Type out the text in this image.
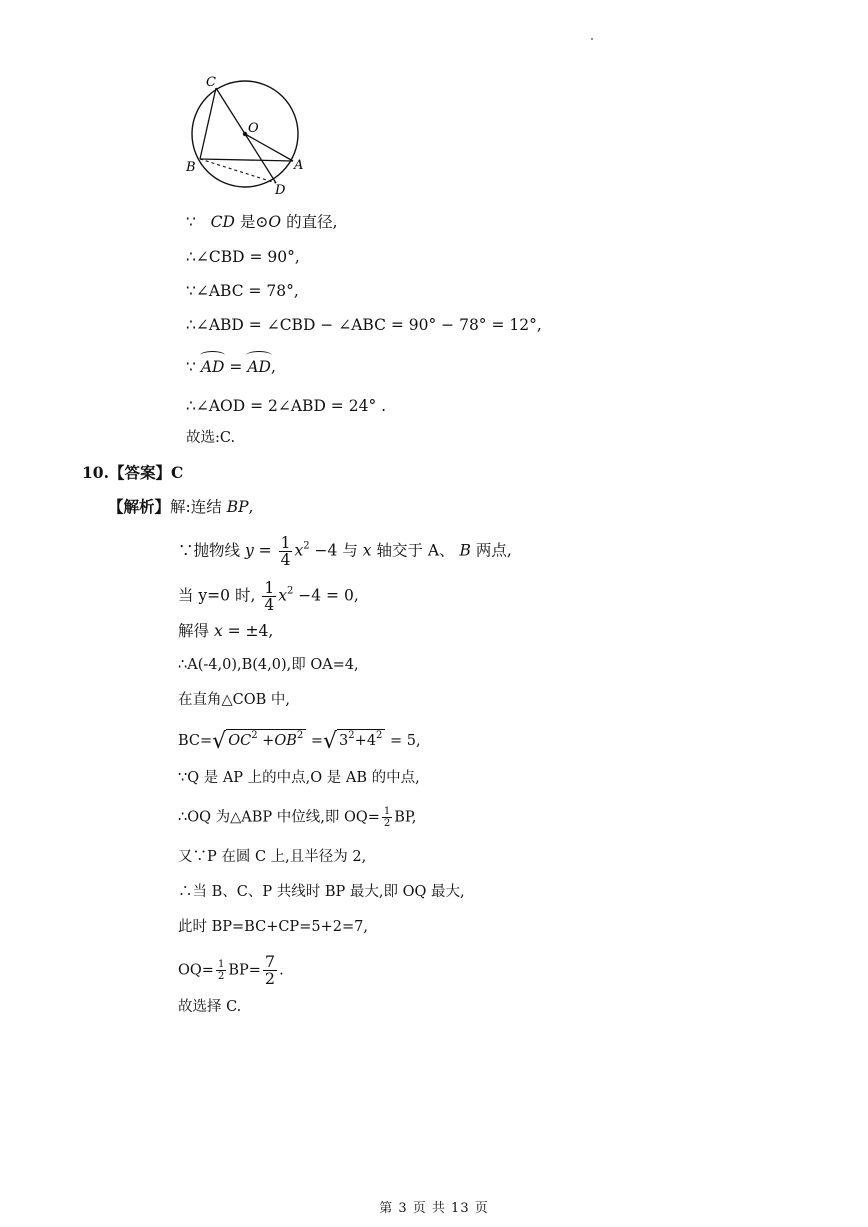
C
O
B	A
D
∵ CD 是⊙O 的直径,
∴∠CBD = 90°,
∵∠ABC = 78°,
∴∠ABD = ∠CBD − ∠ABC = 90° − 78° = 12°,
∵ AD = AD,
∴∠AOD = 2∠ABD = 24° .
故选:C.
10.【答案】C
【解析】解:连结 BP,
∵抛物线 $y = \frac{1}{4} x^2 -4$ 与 x 轴交于 A、 B 两点,
当 y=0 时, $\frac{1}{4} x^2 -4 = 0$,
解得 x = ±4,
∴A(-4,0),B(4,0),即 OA=4,
在直角△COB 中,
BC=√ $OC^2 +OB^2$ =√ $3^2+4^2 = 5$,
∵Q 是 AP 上的中点,O 是 AB 的中点,
∴OQ 为△ABP 中位线,即 $OQ= \frac{1}{2}$ BP,
又∵P 在圆 C 上,且半径为 2,
∴当 B、C、P 共线时 BP 最大,即 OQ 最大,
此时 BP=BC+CP=5+2=7,
$OQ= \frac{1}{2} BP= \frac{7}{2}$ .
故选择 C.
第 3 页 共 13 页
